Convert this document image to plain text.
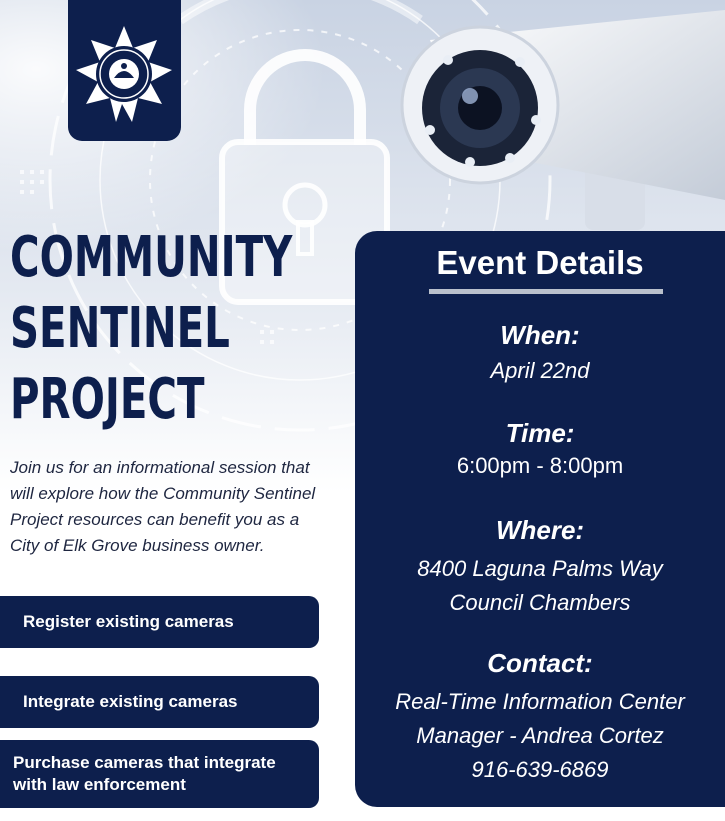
COMMUNITY
SENTINEL
PROJECT

Join us for an informational session that will explore how the Community Sentinel Project resources can benefit you as a City of Elk Grove business owner.

Register existing cameras
Integrate existing cameras
Purchase cameras that integrate
with law enforcement
Event Details

When:

April 22nd

Time:

6:00pm - 8:00pm

Where:

8400 Laguna Palms Way

Council Chambers

Contact:

Real-Time Information Center

Manager - Andrea Cortez

916-639-6869
